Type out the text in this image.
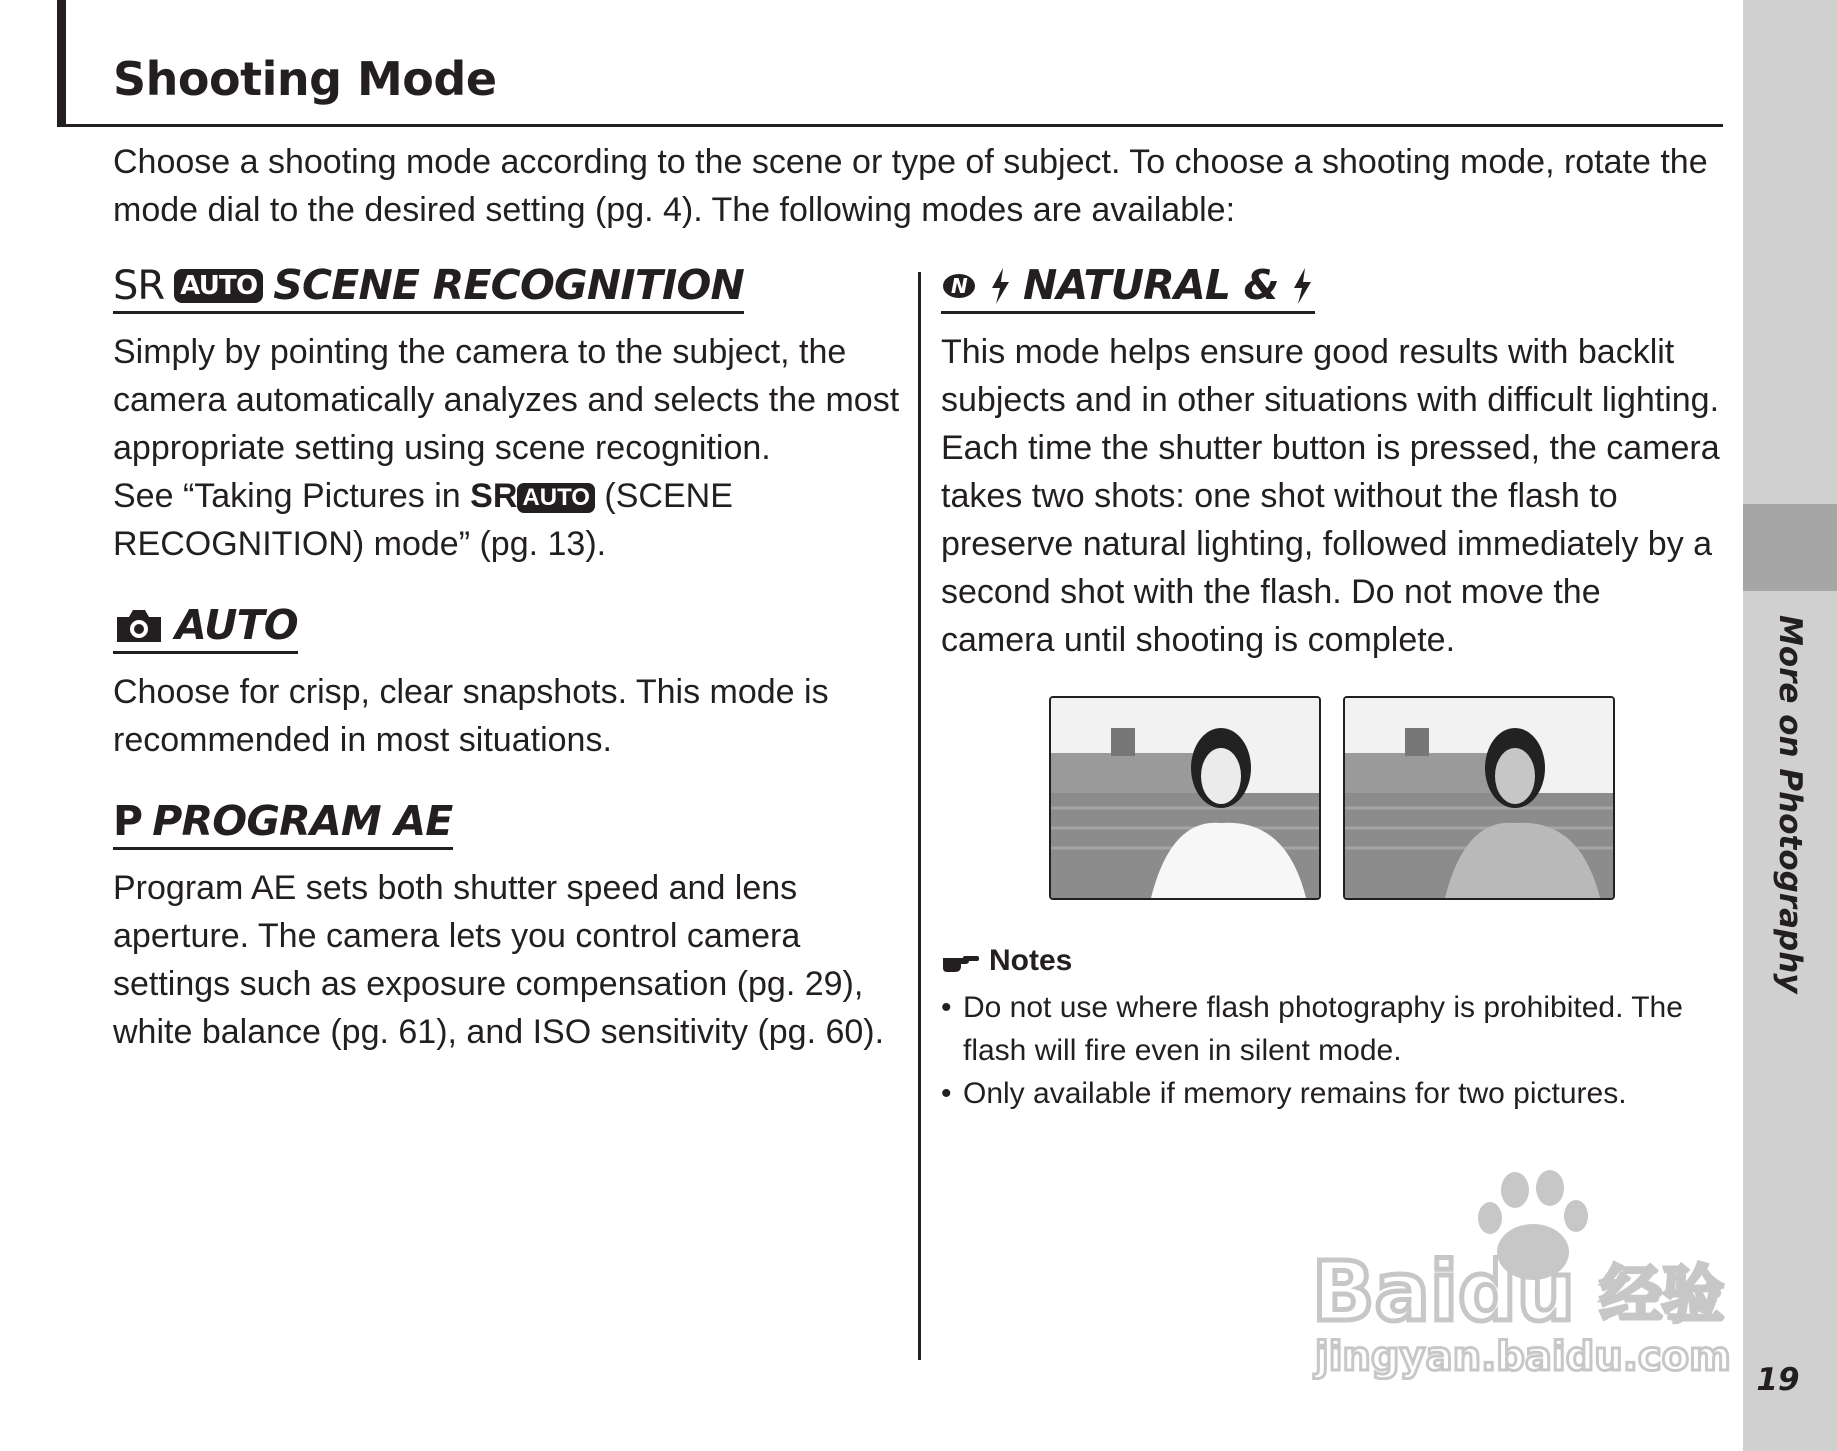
Shooting Mode

Choose a shooting mode according to the scene or type of subject. To choose a shooting mode, rotate the mode dial to the desired setting (pg. 4). The following modes are available:

SR AUTO SCENE RECOGNITION

Simply by pointing the camera to the subject, the camera automatically analyzes and selects the most appropriate setting using scene recognition.
See “Taking Pictures in SR AUTO (SCENE RECOGNITION) mode” (pg. 13).

AUTO

Choose for crisp, clear snapshots. This mode is recommended in most situations.

P PROGRAM AE

Program AE sets both shutter speed and lens aperture. The camera lets you control camera settings such as exposure compensation (pg. 29), white balance (pg. 61), and ISO sensitivity (pg. 60).

N NATURAL &

This mode helps ensure good results with backlit subjects and in other situations with difficult lighting. Each time the shutter button is pressed, the camera takes two shots: one shot without the flash to preserve natural lighting, followed immediately by a second shot with the flash. Do not move the camera until shooting is complete.

Notes
• Do not use where flash photography is prohibited. The flash will fire even in silent mode.
• Only available if memory remains for two pictures.
More on Photography
19
Baidu 经验
jingyan.baidu.com
